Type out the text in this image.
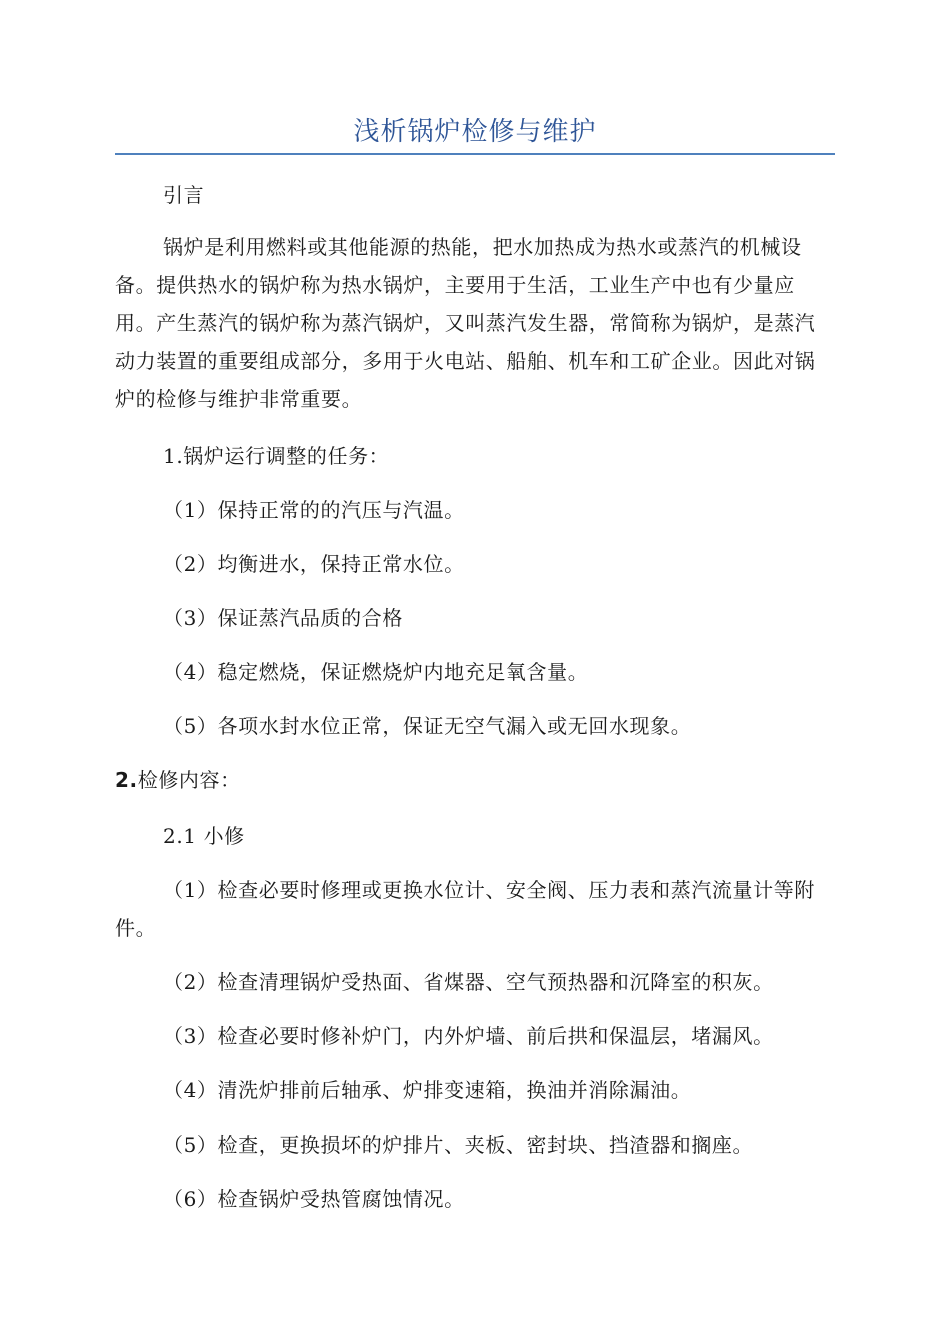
浅析锅炉检修与维护

引言

锅炉是利用燃料或其他能源的热能，把水加热成为热水或蒸汽的机械设备。提供热水的锅炉称为热水锅炉，主要用于生活，工业生产中也有少量应用。产生蒸汽的锅炉称为蒸汽锅炉，又叫蒸汽发生器，常简称为锅炉，是蒸汽动力装置的重要组成部分，多用于火电站、船舶、机车和工矿企业。因此对锅炉的检修与维护非常重要。

1.锅炉运行调整的任务：

（1）保持正常的的汽压与汽温。

（2）均衡进水，保持正常水位。

（3）保证蒸汽品质的合格

（4）稳定燃烧，保证燃烧炉内地充足氧含量。

（5）各项水封水位正常，保证无空气漏入或无回水现象。

2.检修内容：

2.1 小修

（1）检查必要时修理或更换水位计、安全阀、压力表和蒸汽流量计等附件。

（2）检查清理锅炉受热面、省煤器、空气预热器和沉降室的积灰。

（3）检查必要时修补炉门，内外炉墙、前后拱和保温层，堵漏风。

（4）清洗炉排前后轴承、炉排变速箱，换油并消除漏油。

（5）检查，更换损坏的炉排片、夹板、密封块、挡渣器和搁座。

（6）检查锅炉受热管腐蚀情况。
